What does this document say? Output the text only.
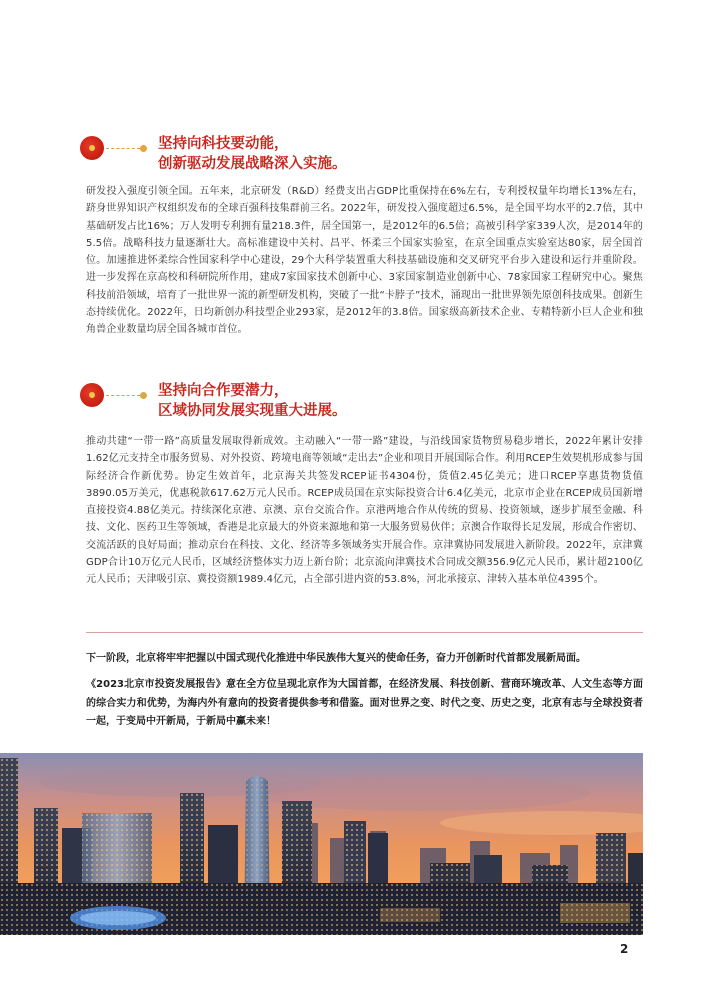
坚持向科技要动能，
创新驱动发展战略深入实施。
研发投入强度引领全国。五年来，北京研发（R&D）经费支出占GDP比重保持在6%左右，专利授权量年均增长13%左右，跻身世界知识产权组织发布的全球百强科技集群前三名。2022年，研发投入强度超过6.5%，是全国平均水平的2.7倍，其中基础研发占比16%；万人发明专利拥有量218.3件，居全国第一，是2012年的6.5倍；高被引科学家339人次，是2014年的5.5倍。战略科技力量逐渐壮大。高标准建设中关村、昌平、怀柔三个国家实验室，在京全国重点实验室达80家，居全国首位。加速推进怀柔综合性国家科学中心建设，29个大科学装置重大科技基础设施和交叉研究平台步入建设和运行并重阶段。进一步发挥在京高校和科研院所作用，建成7家国家技术创新中心、3家国家制造业创新中心、78家国家工程研究中心。聚焦科技前沿领域，培育了一批世界一流的新型研发机构，突破了一批“卡脖子”技术，涌现出一批世界领先原创科技成果。创新生态持续优化。2022年，日均新创办科技型企业293家，是2012年的3.8倍。国家级高新技术企业、专精特新小巨人企业和独角兽企业数量均居全国各城市首位。
坚持向合作要潜力，
区域协同发展实现重大进展。
推动共建“一带一路”高质量发展取得新成效。主动融入“一带一路”建设，与沿线国家货物贸易稳步增长，2022年累计安排1.62亿元支持全市服务贸易、对外投资、跨境电商等领域“走出去”企业和项目开展国际合作。利用RCEP生效契机形成参与国际经济合作新优势。协定生效首年，北京海关共签发RCEP证书4304份，货值2.45亿美元；进口RCEP享惠货物货值3890.05万美元，优惠税款617.62万元人民币。RCEP成员国在京实际投资合计6.4亿美元，北京市企业在RCEP成员国新增直接投资4.88亿美元。持续深化京港、京澳、京台交流合作。京港两地合作从传统的贸易、投资领域，逐步扩展至金融、科技、文化、医药卫生等领域，香港是北京最大的外资来源地和第一大服务贸易伙伴；京澳合作取得长足发展，形成合作密切、交流活跃的良好局面；推动京台在科技、文化、经济等多领域务实开展合作。京津冀协同发展进入新阶段。2022年，京津冀GDP合计10万亿元人民币，区域经济整体实力迈上新台阶；北京流向津冀技术合同成交额356.9亿元人民币，累计超2100亿元人民币；天津吸引京、冀投资额1989.4亿元，占全部引进内资的53.8%，河北承接京、津转入基本单位4395个。
下一阶段，北京将牢牢把握以中国式现代化推进中华民族伟大复兴的使命任务，奋力开创新时代首都发展新局面。
《2023北京市投资发展报告》意在全方位呈现北京作为大国首都，在经济发展、科技创新、营商环境改革、人文生态等方面的综合实力和优势，为海内外有意向的投资者提供参考和借鉴。面对世界之变、时代之变、历史之变，北京有志与全球投资者一起，于变局中开新局，于新局中赢未来！
2
